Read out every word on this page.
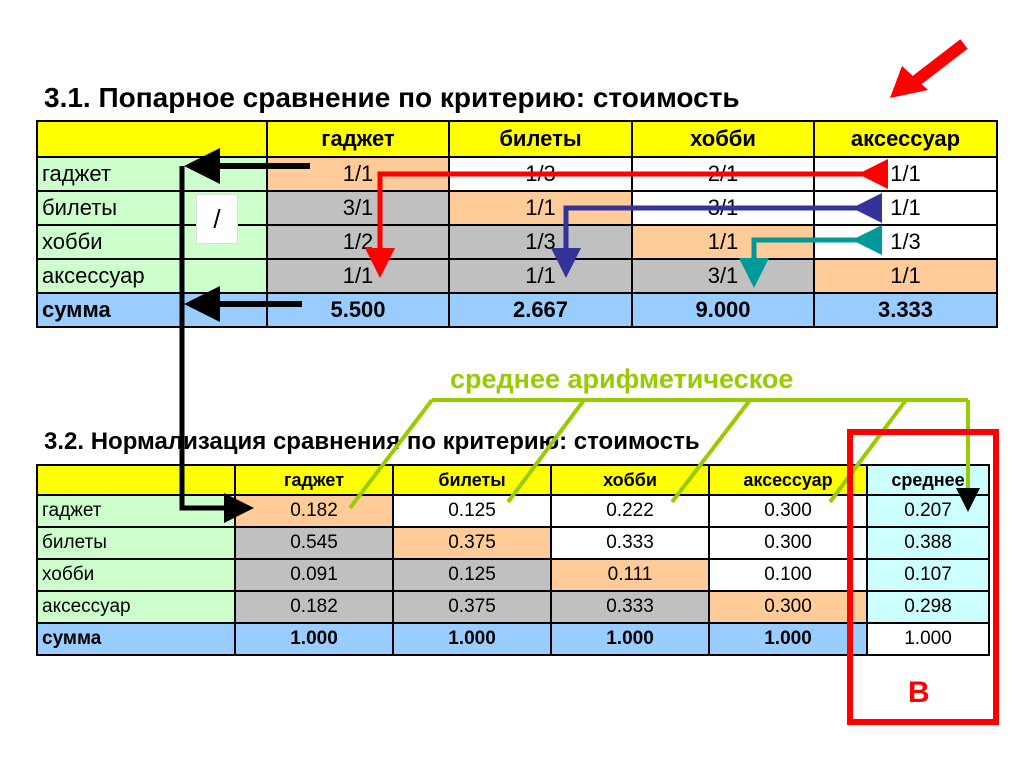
3.1. Попарное сравнение по критерию: стоимость
	гаджет	билеты	хобби	аксессуар
гаджет	1/1	1/3	2/1	1/1
билеты	3/1	1/1	3/1	1/1
хобби	1/2	1/3	1/1	1/3
аксессуар	1/1	1/1	3/1	1/1
сумма	5.500	2.667	9.000	3.333
/
среднее арифметическое
3.2. Нормализация сравнения по критерию: стоимость
	гаджет	билеты	хобби	аксессуар	среднее
гаджет	0.182	0.125	0.222	0.300	0.207
билеты	0.545	0.375	0.333	0.300	0.388
хобби	0.091	0.125	0.111	0.100	0.107
аксессуар	0.182	0.375	0.333	0.300	0.298
сумма	1.000	1.000	1.000	1.000	1.000
B
